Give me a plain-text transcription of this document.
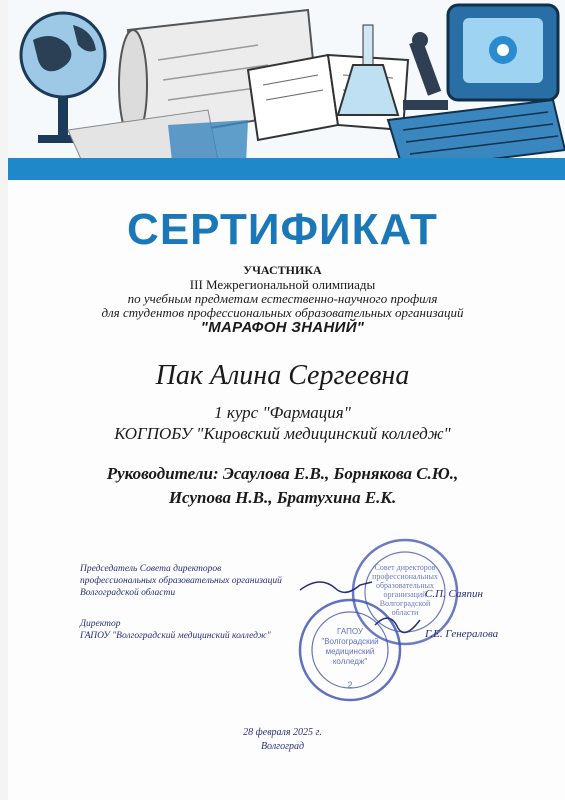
СЕРТИФИКАТ
УЧАСТНИКА
III Межрегиональной олимпиады
по учебным предметам естественно-научного профиля
для студентов профессиональных образовательных организаций
"МАРАФОН ЗНАНИЙ"
Пак Алина Сергеевна
1 курс "Фармация"
КОГПОБУ "Кировский медицинский колледж"
Руководители: Эсаулова Е.В., Борнякова С.Ю.,
Исупова Н.В., Братухина Е.К.
Совет директоров
профессиональных
образовательных
организаций
Волгоградской
области
ГАПОУ
"Волгоградский
медицинский
колледж"
2
Председатель Совета директоров
профессиональных образовательных организаций
Волгоградской области	С.П. Саяпин
Директор
ГАПОУ "Волгоградский медицинский колледж"	Г.Е. Генералова
28 февраля 2025 г.
Волгоград
